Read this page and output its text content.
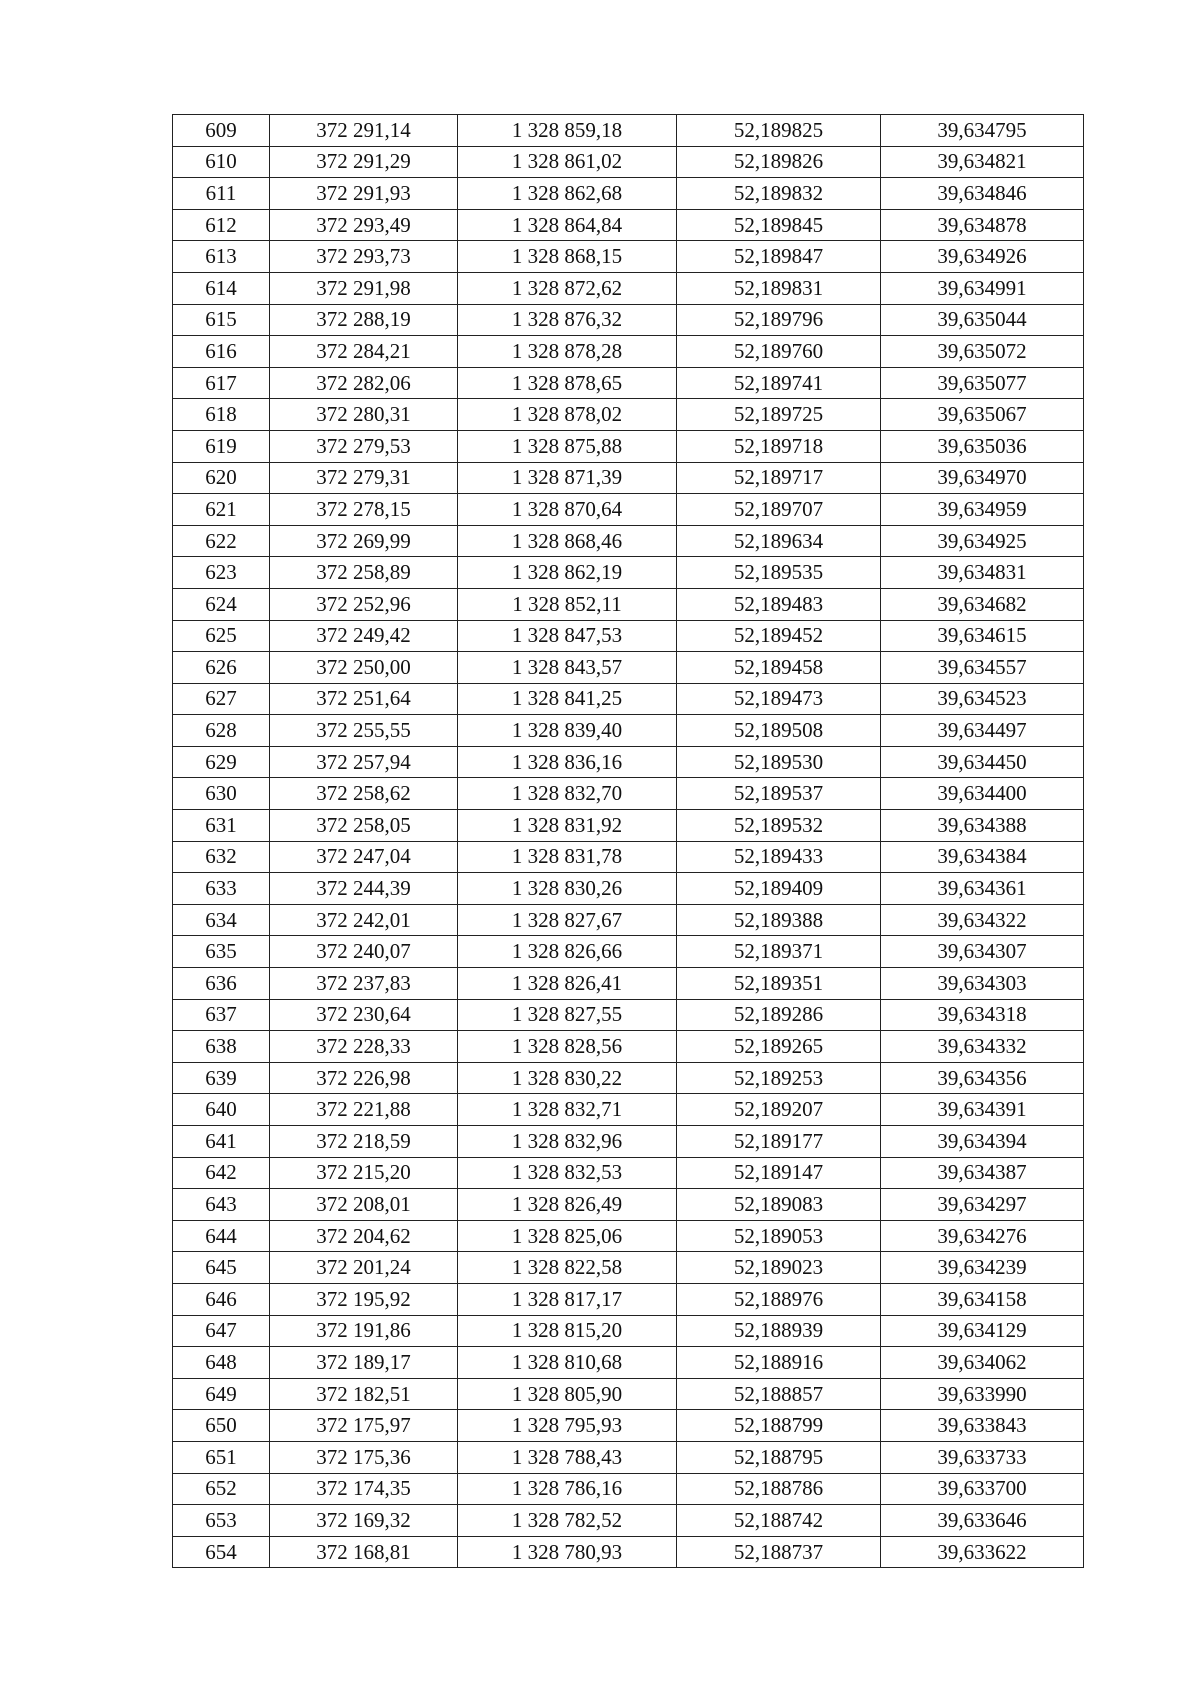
609	372 291,14	1 328 859,18	52,189825	39,634795
610	372 291,29	1 328 861,02	52,189826	39,634821
611	372 291,93	1 328 862,68	52,189832	39,634846
612	372 293,49	1 328 864,84	52,189845	39,634878
613	372 293,73	1 328 868,15	52,189847	39,634926
614	372 291,98	1 328 872,62	52,189831	39,634991
615	372 288,19	1 328 876,32	52,189796	39,635044
616	372 284,21	1 328 878,28	52,189760	39,635072
617	372 282,06	1 328 878,65	52,189741	39,635077
618	372 280,31	1 328 878,02	52,189725	39,635067
619	372 279,53	1 328 875,88	52,189718	39,635036
620	372 279,31	1 328 871,39	52,189717	39,634970
621	372 278,15	1 328 870,64	52,189707	39,634959
622	372 269,99	1 328 868,46	52,189634	39,634925
623	372 258,89	1 328 862,19	52,189535	39,634831
624	372 252,96	1 328 852,11	52,189483	39,634682
625	372 249,42	1 328 847,53	52,189452	39,634615
626	372 250,00	1 328 843,57	52,189458	39,634557
627	372 251,64	1 328 841,25	52,189473	39,634523
628	372 255,55	1 328 839,40	52,189508	39,634497
629	372 257,94	1 328 836,16	52,189530	39,634450
630	372 258,62	1 328 832,70	52,189537	39,634400
631	372 258,05	1 328 831,92	52,189532	39,634388
632	372 247,04	1 328 831,78	52,189433	39,634384
633	372 244,39	1 328 830,26	52,189409	39,634361
634	372 242,01	1 328 827,67	52,189388	39,634322
635	372 240,07	1 328 826,66	52,189371	39,634307
636	372 237,83	1 328 826,41	52,189351	39,634303
637	372 230,64	1 328 827,55	52,189286	39,634318
638	372 228,33	1 328 828,56	52,189265	39,634332
639	372 226,98	1 328 830,22	52,189253	39,634356
640	372 221,88	1 328 832,71	52,189207	39,634391
641	372 218,59	1 328 832,96	52,189177	39,634394
642	372 215,20	1 328 832,53	52,189147	39,634387
643	372 208,01	1 328 826,49	52,189083	39,634297
644	372 204,62	1 328 825,06	52,189053	39,634276
645	372 201,24	1 328 822,58	52,189023	39,634239
646	372 195,92	1 328 817,17	52,188976	39,634158
647	372 191,86	1 328 815,20	52,188939	39,634129
648	372 189,17	1 328 810,68	52,188916	39,634062
649	372 182,51	1 328 805,90	52,188857	39,633990
650	372 175,97	1 328 795,93	52,188799	39,633843
651	372 175,36	1 328 788,43	52,188795	39,633733
652	372 174,35	1 328 786,16	52,188786	39,633700
653	372 169,32	1 328 782,52	52,188742	39,633646
654	372 168,81	1 328 780,93	52,188737	39,633622
